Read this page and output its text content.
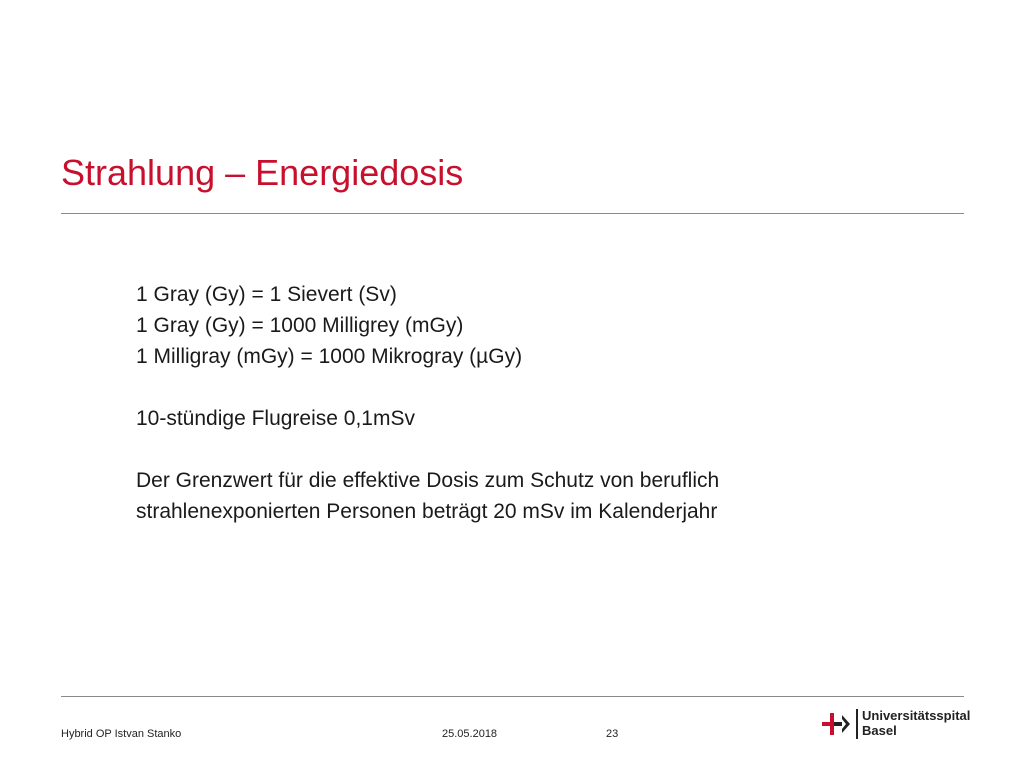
Strahlung – Energiedosis

1 Gray (Gy) = 1 Sievert (Sv)

1 Gray (Gy) = 1000 Milligrey (mGy)

1 Milligray (mGy) = 1000 Mikrogray (µGy)

10-stündige Flugreise 0,1mSv

Der Grenzwert für die effektive Dosis zum Schutz von beruflich

strahlenexponierten Personen beträgt 20 mSv im Kalenderjahr

Hybrid OP Istvan Stanko	25.05.2018	23
Universitätsspital
Basel
